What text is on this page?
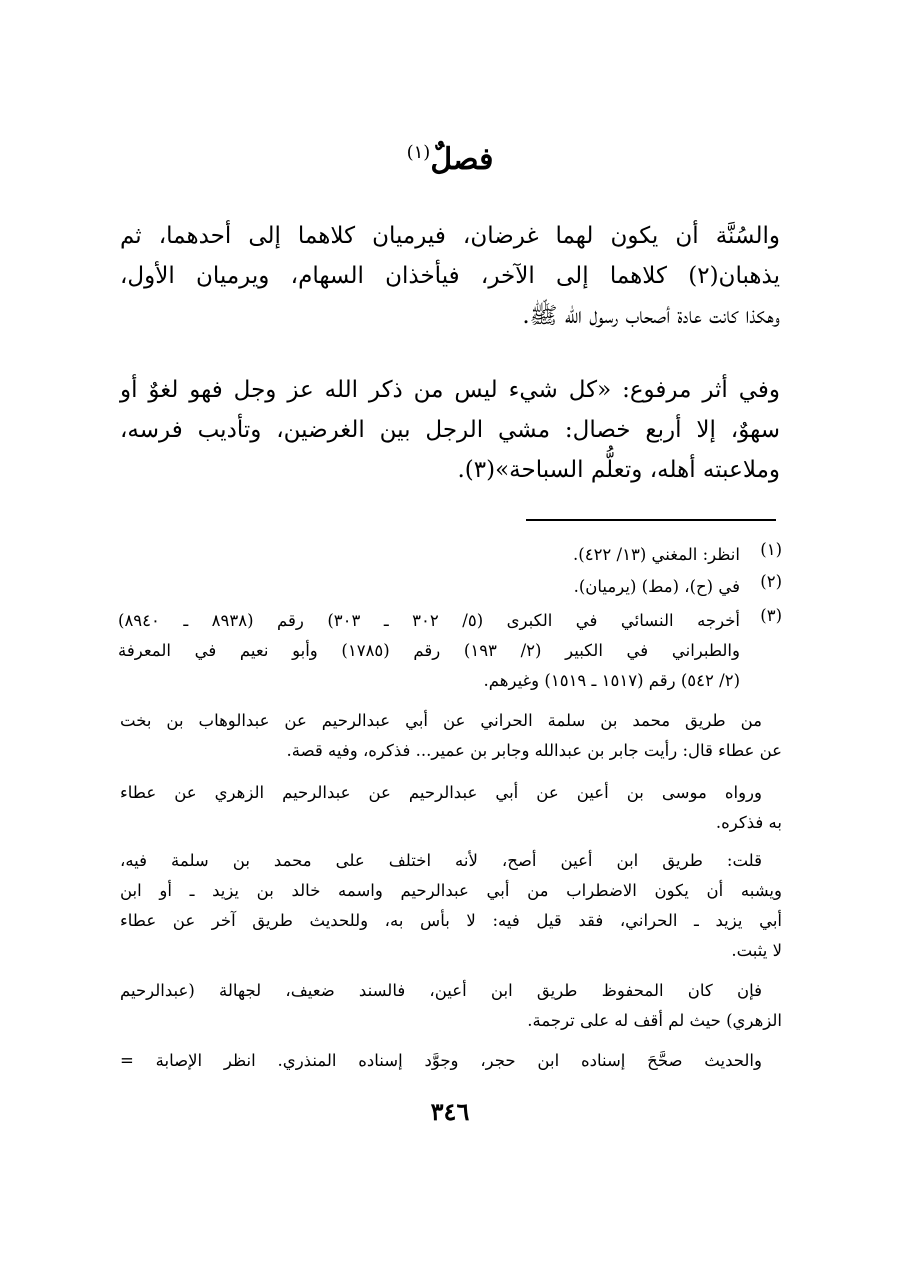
فصلٌ$^{(١)}$
والسُنَّة أن يكون لهما غرضان، فيرميان كلاهما إلى أحدهما، ثم
يذهبان(٢) كلاهما إلى الآخر، فيأخذان السهام، ويرميان الأول،
وهكذا كانت عادة أصحاب رسول الله ﷺ.
وفي أثر مرفوع: «كل شيء ليس من ذكر الله عز وجل فهو لغوٌ أو
سهوٌ، إلا أربع خصال: مشي الرجل بين الغرضين، وتأديب فرسه،
وملاعبته أهله، وتعلُّم السباحة»(٣).
(١)
انظر: المغني (١٣/ ٤٢٢).
(٢)
في (ح)، (مط) (يرميان).
(٣)
أخرجه النسائي في الكبرى (٥/ ٣٠٢ ـ ٣٠٣) رقم (٨٩٣٨ ـ ٨٩٤٠)
والطبراني في الكبير (٢/ ١٩٣) رقم (١٧٨٥) وأبو نعيم في المعرفة
(٢/ ٥٤٢) رقم (١٥١٧ ـ ١٥١٩) وغيرهم.
من طريق محمد بن سلمة الحراني عن أبي عبدالرحيم عن عبدالوهاب بن بخت
عن عطاء قال: رأيت جابر بن عبدالله وجابر بن عمير... فذكره، وفيه قصة.
ورواه موسى بن أعين عن أبي عبدالرحيم عن عبدالرحيم الزهري عن عطاء
به فذكره.
قلت: طريق ابن أعين أصح، لأنه اختلف على محمد بن سلمة فيه،
ويشبه أن يكون الاضطراب من أبي عبدالرحيم واسمه خالد بن يزيد ـ أو ابن
أبي يزيد ـ الحراني، فقد قيل فيه: لا بأس به، وللحديث طريق آخر عن عطاء
لا يثبت.
فإن كان المحفوظ طريق ابن أعين، فالسند ضعيف، لجهالة (عبدالرحيم
الزهري) حيث لم أقف له على ترجمة.
والحديث صحَّحَ إسناده ابن حجر، وجوَّد إسناده المنذري. انظر الإصابة =
٣٤٦
